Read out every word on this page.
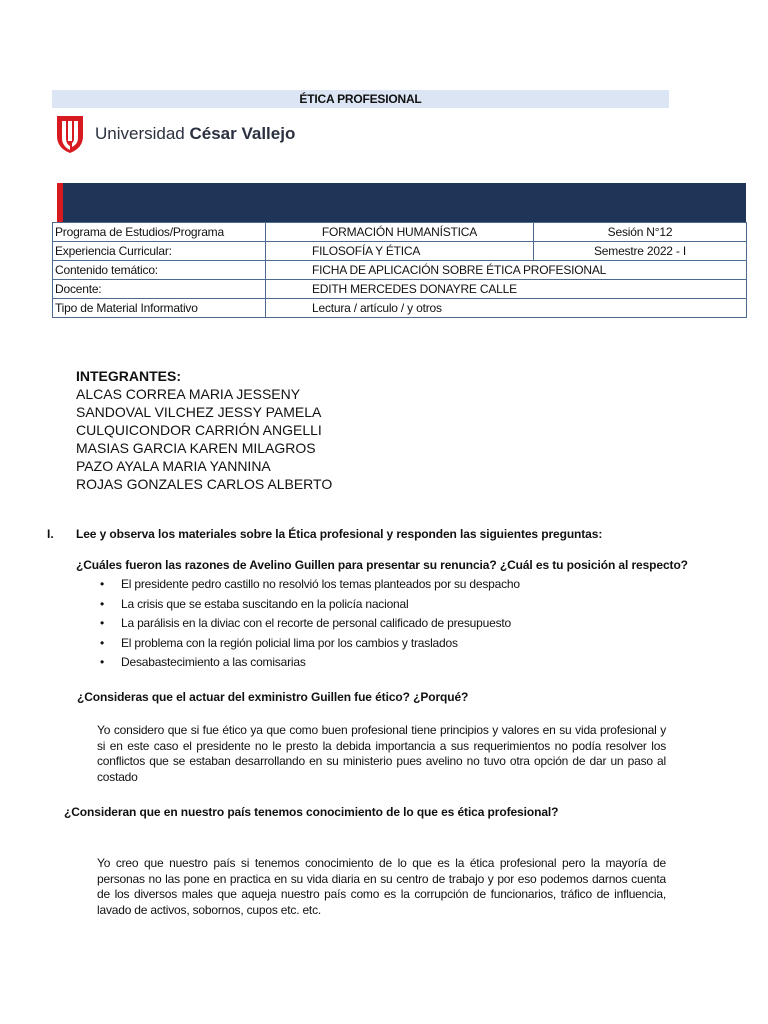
ÉTICA PROFESIONAL
Universidad César Vallejo
Programa de Estudios/Programa	FORMACIÓN HUMANÍSTICA	Sesión N°12
Experiencia Curricular:	FILOSOFÍA Y ÉTICA	Semestre 2022 - I
Contenido temático:	FICHA DE APLICACIÓN SOBRE ÉTICA PROFESIONAL	
Docente:	EDITH MERCEDES DONAYRE CALLE	
Tipo de Material Informativo	Lectura / artículo / y otros	
INTEGRANTES:
ALCAS CORREA MARIA JESSENY
SANDOVAL VILCHEZ JESSY PAMELA
CULQUICONDOR CARRIÓN ANGELLI
MASIAS GARCIA KAREN MILAGROS
PAZO AYALA MARIA YANNINA
ROJAS GONZALES CARLOS ALBERTO
I. Lee y observa los materiales sobre la Ética profesional y responden las siguientes preguntas:
¿Cuáles fueron las razones de Avelino Guillen para presentar su renuncia? ¿Cuál es tu posición al respecto?
• El presidente pedro castillo no resolvió los temas planteados por su despacho
• La crisis que se estaba suscitando en la policía nacional
• La parálisis en la diviac con el recorte de personal calificado de presupuesto
• El problema con la región policial lima por los cambios y traslados
• Desabastecimiento a las comisarias
¿Consideras que el actuar del exministro Guillen fue ético? ¿Porqué?
Yo considero que si fue ético ya que como buen profesional tiene principios y valores en su vida profesional y si en este caso el presidente no le presto la debida importancia a sus requerimientos no podía resolver los conflictos que se estaban desarrollando en su ministerio pues avelino no tuvo otra opción de dar un paso al costado
¿Consideran que en nuestro país tenemos conocimiento de lo que es ética profesional?
Yo creo que nuestro país si tenemos conocimiento de lo que es la ética profesional pero la mayoría de personas no las pone en practica en su vida diaria en su centro de trabajo y por eso podemos darnos cuenta de los diversos males que aqueja nuestro país como es la corrupción de funcionarios, tráfico de influencia, lavado de activos, sobornos, cupos etc. etc.
